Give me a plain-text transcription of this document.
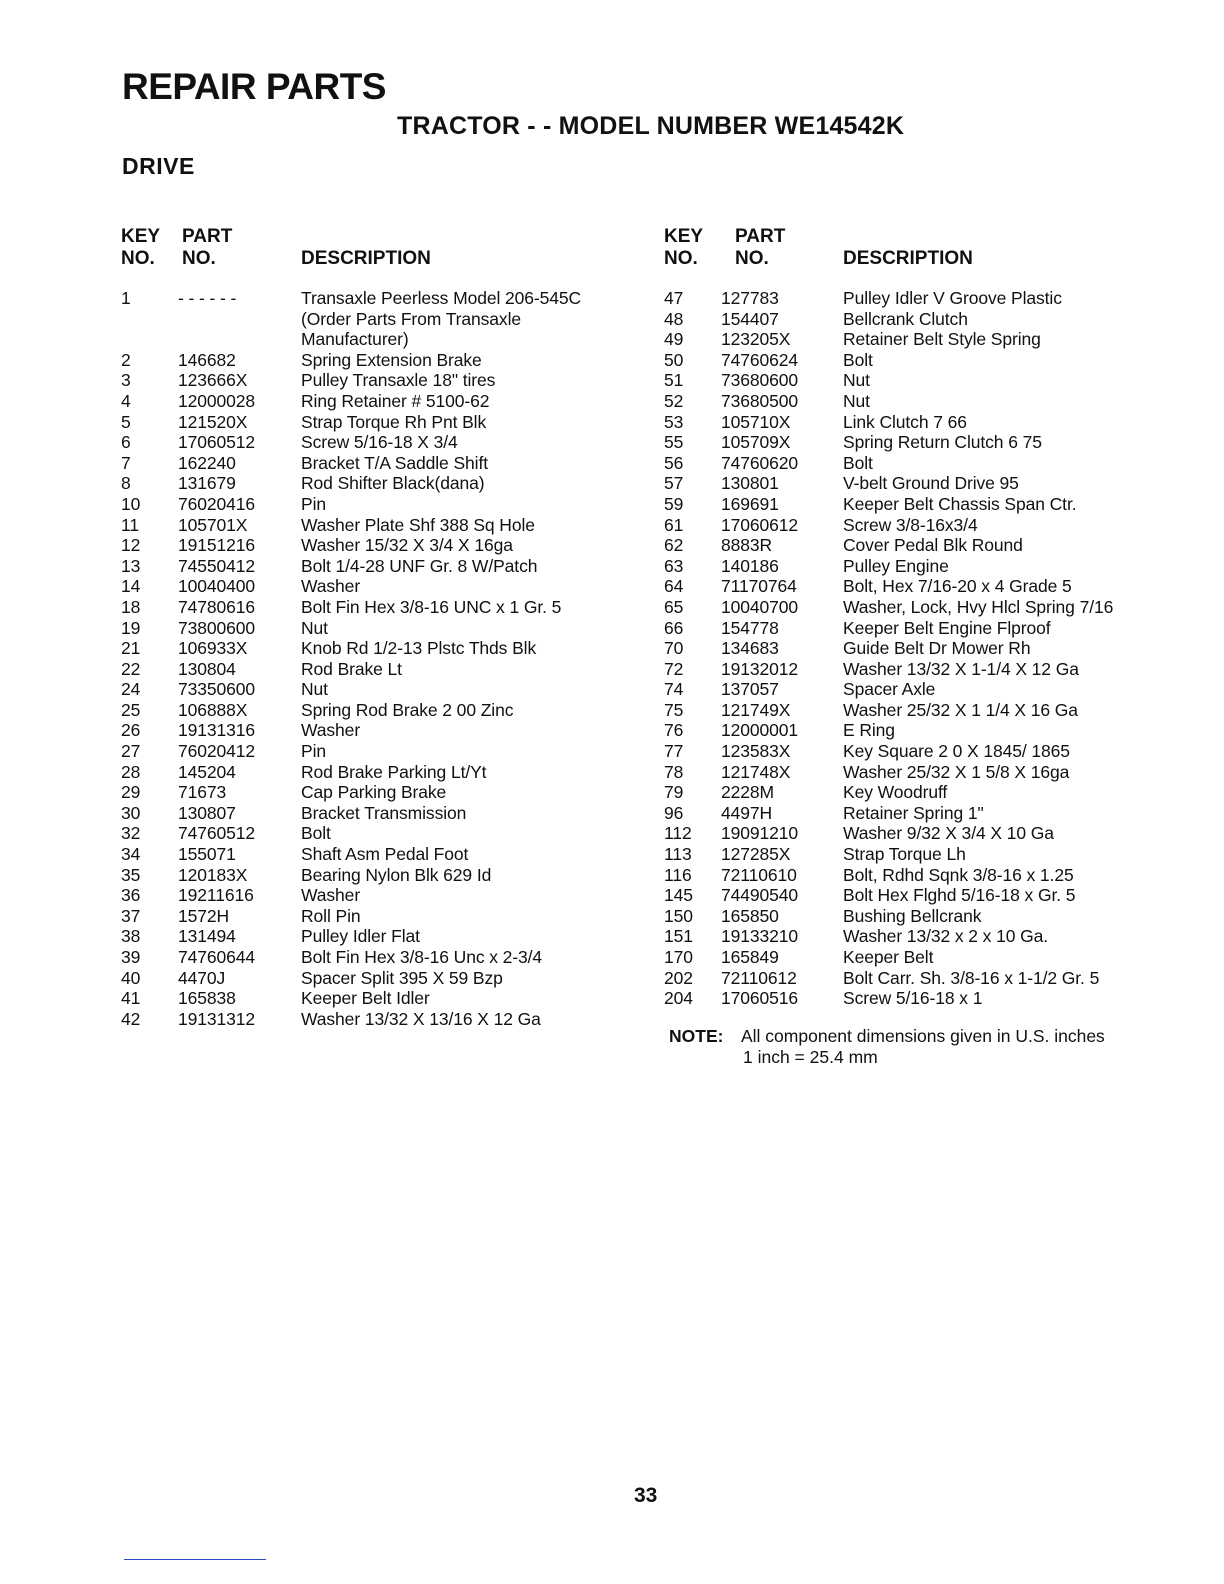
REPAIR PARTS
TRACTOR - - MODEL NUMBER WE14542K
DRIVE
KEY
NO.
PART
NO.	DESCRIPTION
KEY
NO.
PART
NO.	DESCRIPTION
1	- - - - - -	Transaxle Peerless Model 206-545C
(Order Parts From Transaxle
Manufacturer)
2	146682	Spring Extension Brake
3	123666X	Pulley Transaxle 18" tires
4	12000028	Ring Retainer # 5100-62
5	121520X	Strap Torque Rh Pnt Blk
6	17060512	Screw 5/16-18 X 3/4
7	162240	Bracket T/A Saddle Shift
8	131679	Rod Shifter Black(dana)
10 76020416	Pin
11 105701X	Washer Plate Shf 388 Sq Hole
12 19151216	Washer 15/32 X 3/4 X 16ga
13 74550412	Bolt 1/4-28 UNF Gr. 8 W/Patch
14 10040400	Washer
18 74780616	Bolt Fin Hex 3/8-16 UNC x 1 Gr. 5
19 73800600	Nut
21 106933X	Knob Rd 1/2-13 Plstc Thds Blk
22 130804	Rod Brake Lt
24 73350600	Nut
25 106888X	Spring Rod Brake 2 00 Zinc
26 19131316	Washer
27 76020412	Pin
28 145204	Rod Brake Parking Lt/Yt
29 71673	Cap Parking Brake
30 130807	Bracket Transmission
32 74760512	Bolt
34 155071	Shaft Asm Pedal Foot
35 120183X	Bearing Nylon Blk 629 Id
36 19211616	Washer
37 1572H	Roll Pin
38 131494	Pulley Idler Flat
39 74760644	Bolt Fin Hex 3/8-16 Unc x 2-3/4
40 4470J	Spacer Split 395 X 59 Bzp
41 165838	Keeper Belt Idler
42 19131312	Washer 13/32 X 13/16 X 12 Ga
47 127783	Pulley Idler V Groove Plastic
48 154407	Bellcrank Clutch
49 123205X	Retainer Belt Style Spring
50 74760624	Bolt
51 73680600	Nut
52 73680500	Nut
53 105710X	Link Clutch 7 66
55 105709X	Spring Return Clutch 6 75
56 74760620	Bolt
57 130801	V-belt Ground Drive 95
59 169691	Keeper Belt Chassis Span Ctr.
61 17060612	Screw 3/8-16x3/4
62 8883R	Cover Pedal Blk Round
63 140186	Pulley Engine
64 71170764	Bolt, Hex 7/16-20 x 4 Grade 5
65 10040700	Washer, Lock, Hvy Hlcl Spring 7/16
66 154778	Keeper Belt Engine Flproof
70 134683	Guide Belt Dr Mower Rh
72 19132012	Washer 13/32 X 1-1/4 X 12 Ga
74 137057	Spacer Axle
75 121749X	Washer 25/32 X 1 1/4 X 16 Ga
76 12000001	E Ring
77 123583X	Key Square 2 0 X 1845/ 1865
78 121748X	Washer 25/32 X 1 5/8 X 16ga
79 2228M	Key Woodruff
96 4497H	Retainer Spring 1"
112 19091210	Washer 9/32 X 3/4 X 10 Ga
113 127285X	Strap Torque Lh
116 72110610	Bolt, Rdhd Sqnk 3/8-16 x 1.25
145 74490540	Bolt Hex Flghd 5/16-18 x Gr. 5
150 165850	Bushing Bellcrank
151 19133210	Washer 13/32 x 2 x 10 Ga.
170 165849	Keeper Belt
202 72110612	Bolt Carr. Sh. 3/8-16 x 1-1/2 Gr. 5
204 17060516	Screw 5/16-18 x 1
NOTE: All component dimensions given in U.S. inches
1 inch = 25.4 mm
33
